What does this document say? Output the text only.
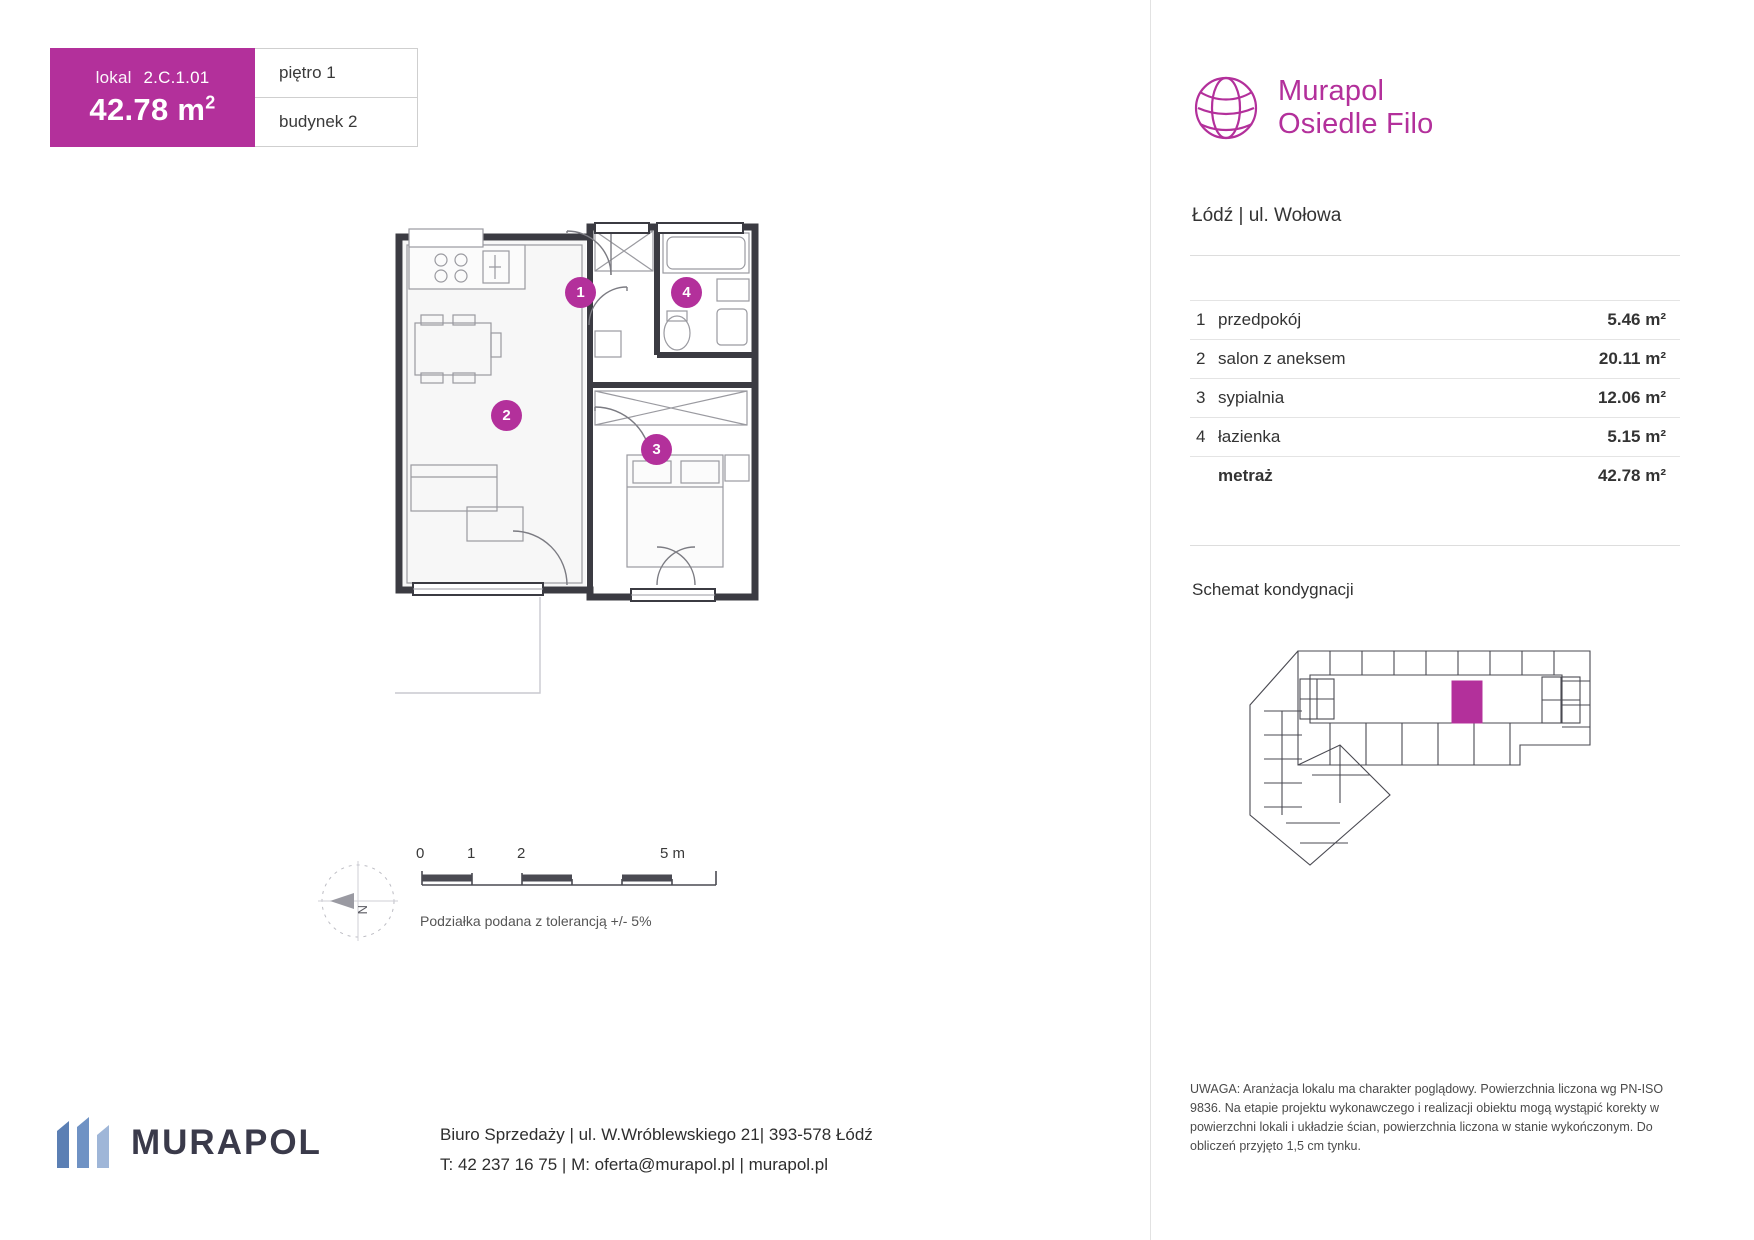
lokal 2.C.1.01
42.78 $m^2$
piętro 1
budynek 2
1
2
3
4
N
0	1	2	5 m
Podziałka podana z tolerancją +/- 5%
Murapol
Osiedle Filo
Łódź | ul. Wołowa
1 przedpokój	5.46 m²
2 salon z aneksem	20.11 m²
3 sypialnia	12.06 m²
4 łazienka	5.15 m²
metraż	42.78 m²
Schemat kondygnacji
UWAGA: Aranżacja lokalu ma charakter poglądowy. Powierzchnia liczona wg PN-ISO 9836. Na etapie projektu wykonawczego i realizacji obiektu mogą wystąpić korekty w powierzchni lokali i układzie ścian, powierzchnia liczona w stanie wykończonym. Do obliczeń przyjęto 1,5 cm tynku.
MURAPOL	Biuro Sprzedaży | ul. W.Wróblewskiego 21| 393-578 Łódź
T: 42 237 16 75 | M: oferta@murapol.pl | murapol.pl
